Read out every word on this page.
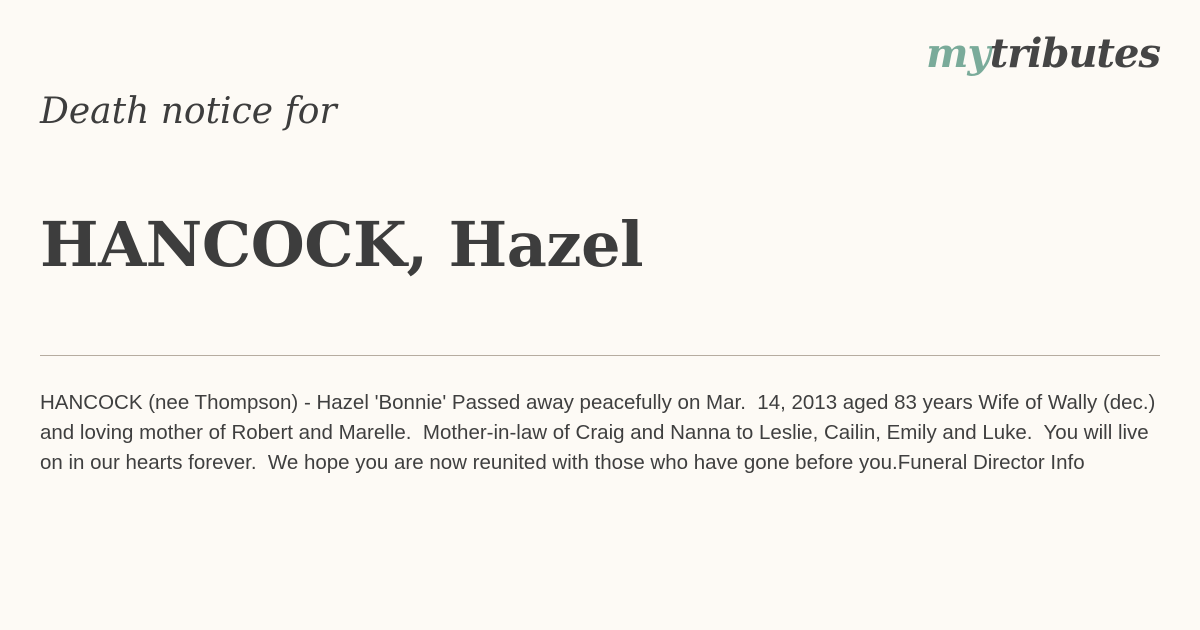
mytributes
Death notice for
HANCOCK, Hazel

HANCOCK (nee Thompson) - Hazel 'Bonnie' Passed away peacefully on Mar.  14, 2013 aged 83 years Wife of Wally (dec.) and loving mother of Robert and Marelle.  Mother-in-law of Craig and Nanna to Leslie, Cailin, Emily and Luke.  You will live on in our hearts forever.  We hope you are now reunited with those who have gone before you.Funeral Director Info
